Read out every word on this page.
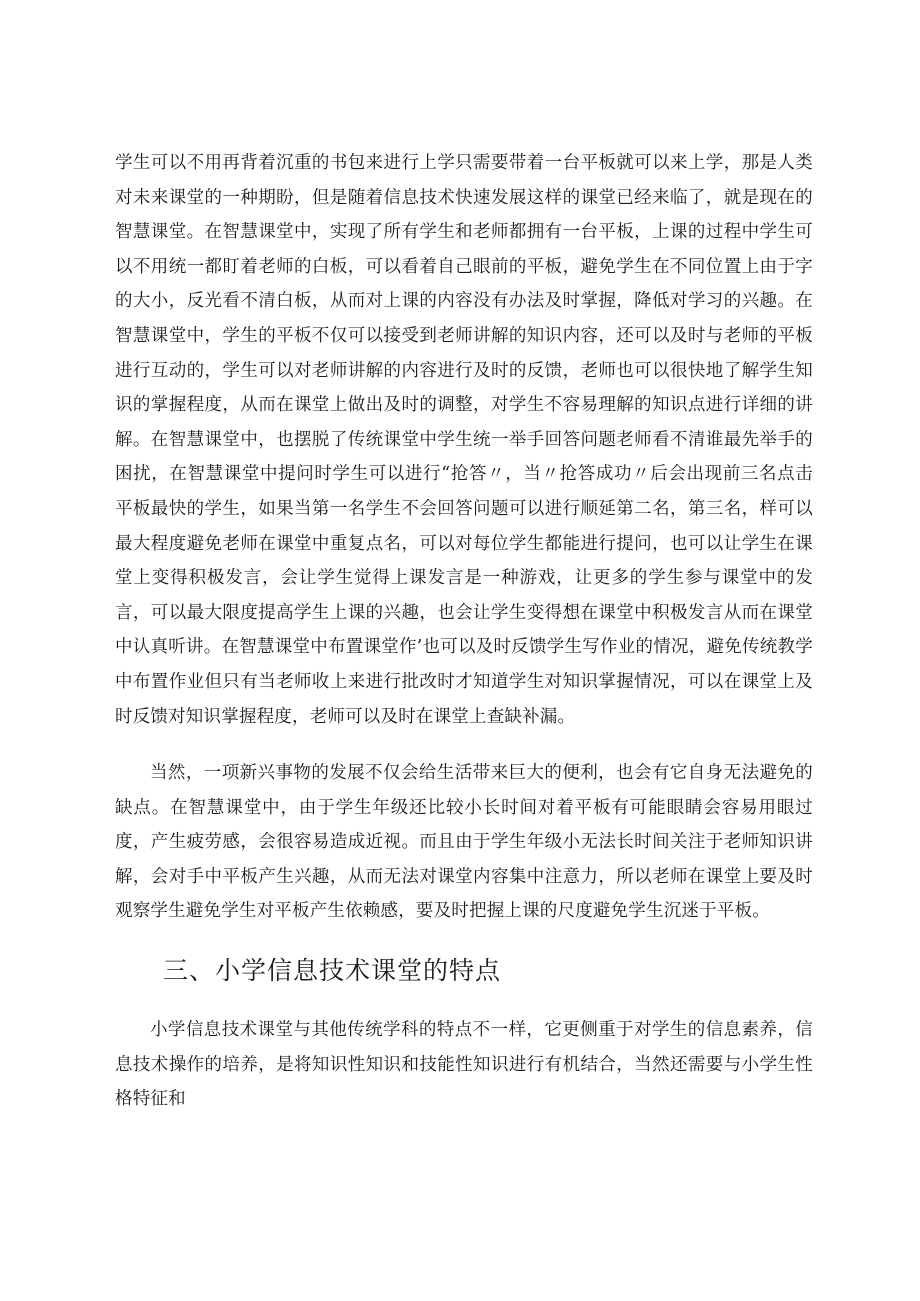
学生可以不用再背着沉重的书包来进行上学只需要带着一台平板就可以来上学，那是人类对未来课堂的一种期盼，但是随着信息技术快速发展这样的课堂已经来临了，就是现在的智慧课堂。在智慧课堂中，实现了所有学生和老师都拥有一台平板，上课的过程中学生可以不用统一都盯着老师的白板，可以看着自己眼前的平板，避免学生在不同位置上由于字的大小，反光看不清白板，从而对上课的内容没有办法及时掌握，降低对学习的兴趣。在智慧课堂中，学生的平板不仅可以接受到老师讲解的知识内容，还可以及时与老师的平板进行互动的，学生可以对老师讲解的内容进行及时的反馈，老师也可以很快地了解学生知识的掌握程度，从而在课堂上做出及时的调整，对学生不容易理解的知识点进行详细的讲解。在智慧课堂中，也摆脱了传统课堂中学生统一举手回答问题老师看不清谁最先举手的困扰，在智慧课堂中提问时学生可以进行“抢答〃，当〃抢答成功〃后会出现前三名点击平板最快的学生，如果当第一名学生不会回答问题可以进行顺延第二名，第三名，样可以最大程度避免老师在课堂中重复点名，可以对每位学生都能进行提问，也可以让学生在课堂上变得积极发言，会让学生觉得上课发言是一种游戏，让更多的学生参与课堂中的发言，可以最大限度提高学生上课的兴趣，也会让学生变得想在课堂中积极发言从而在课堂中认真听讲。在智慧课堂中布置课堂作’也可以及时反馈学生写作业的情况，避免传统教学中布置作业但只有当老师收上来进行批改时才知道学生对知识掌握情况，可以在课堂上及时反馈对知识掌握程度，老师可以及时在课堂上查缺补漏。

当然，一项新兴事物的发展不仅会给生活带来巨大的便利，也会有它自身无法避免的缺点。在智慧课堂中，由于学生年级还比较小长时间对着平板有可能眼睛会容易用眼过度，产生疲劳感，会很容易造成近视。而且由于学生年级小无法长时间关注于老师知识讲解，会对手中平板产生兴趣，从而无法对课堂内容集中注意力，所以老师在课堂上要及时观察学生避免学生对平板产生依赖感，要及时把握上课的尺度避免学生沉迷于平板。

三、小学信息技术课堂的特点

小学信息技术课堂与其他传统学科的特点不一样，它更侧重于对学生的信息素养，信息技术操作的培养，是将知识性知识和技能性知识进行有机结合，当然还需要与小学生性格特征和
